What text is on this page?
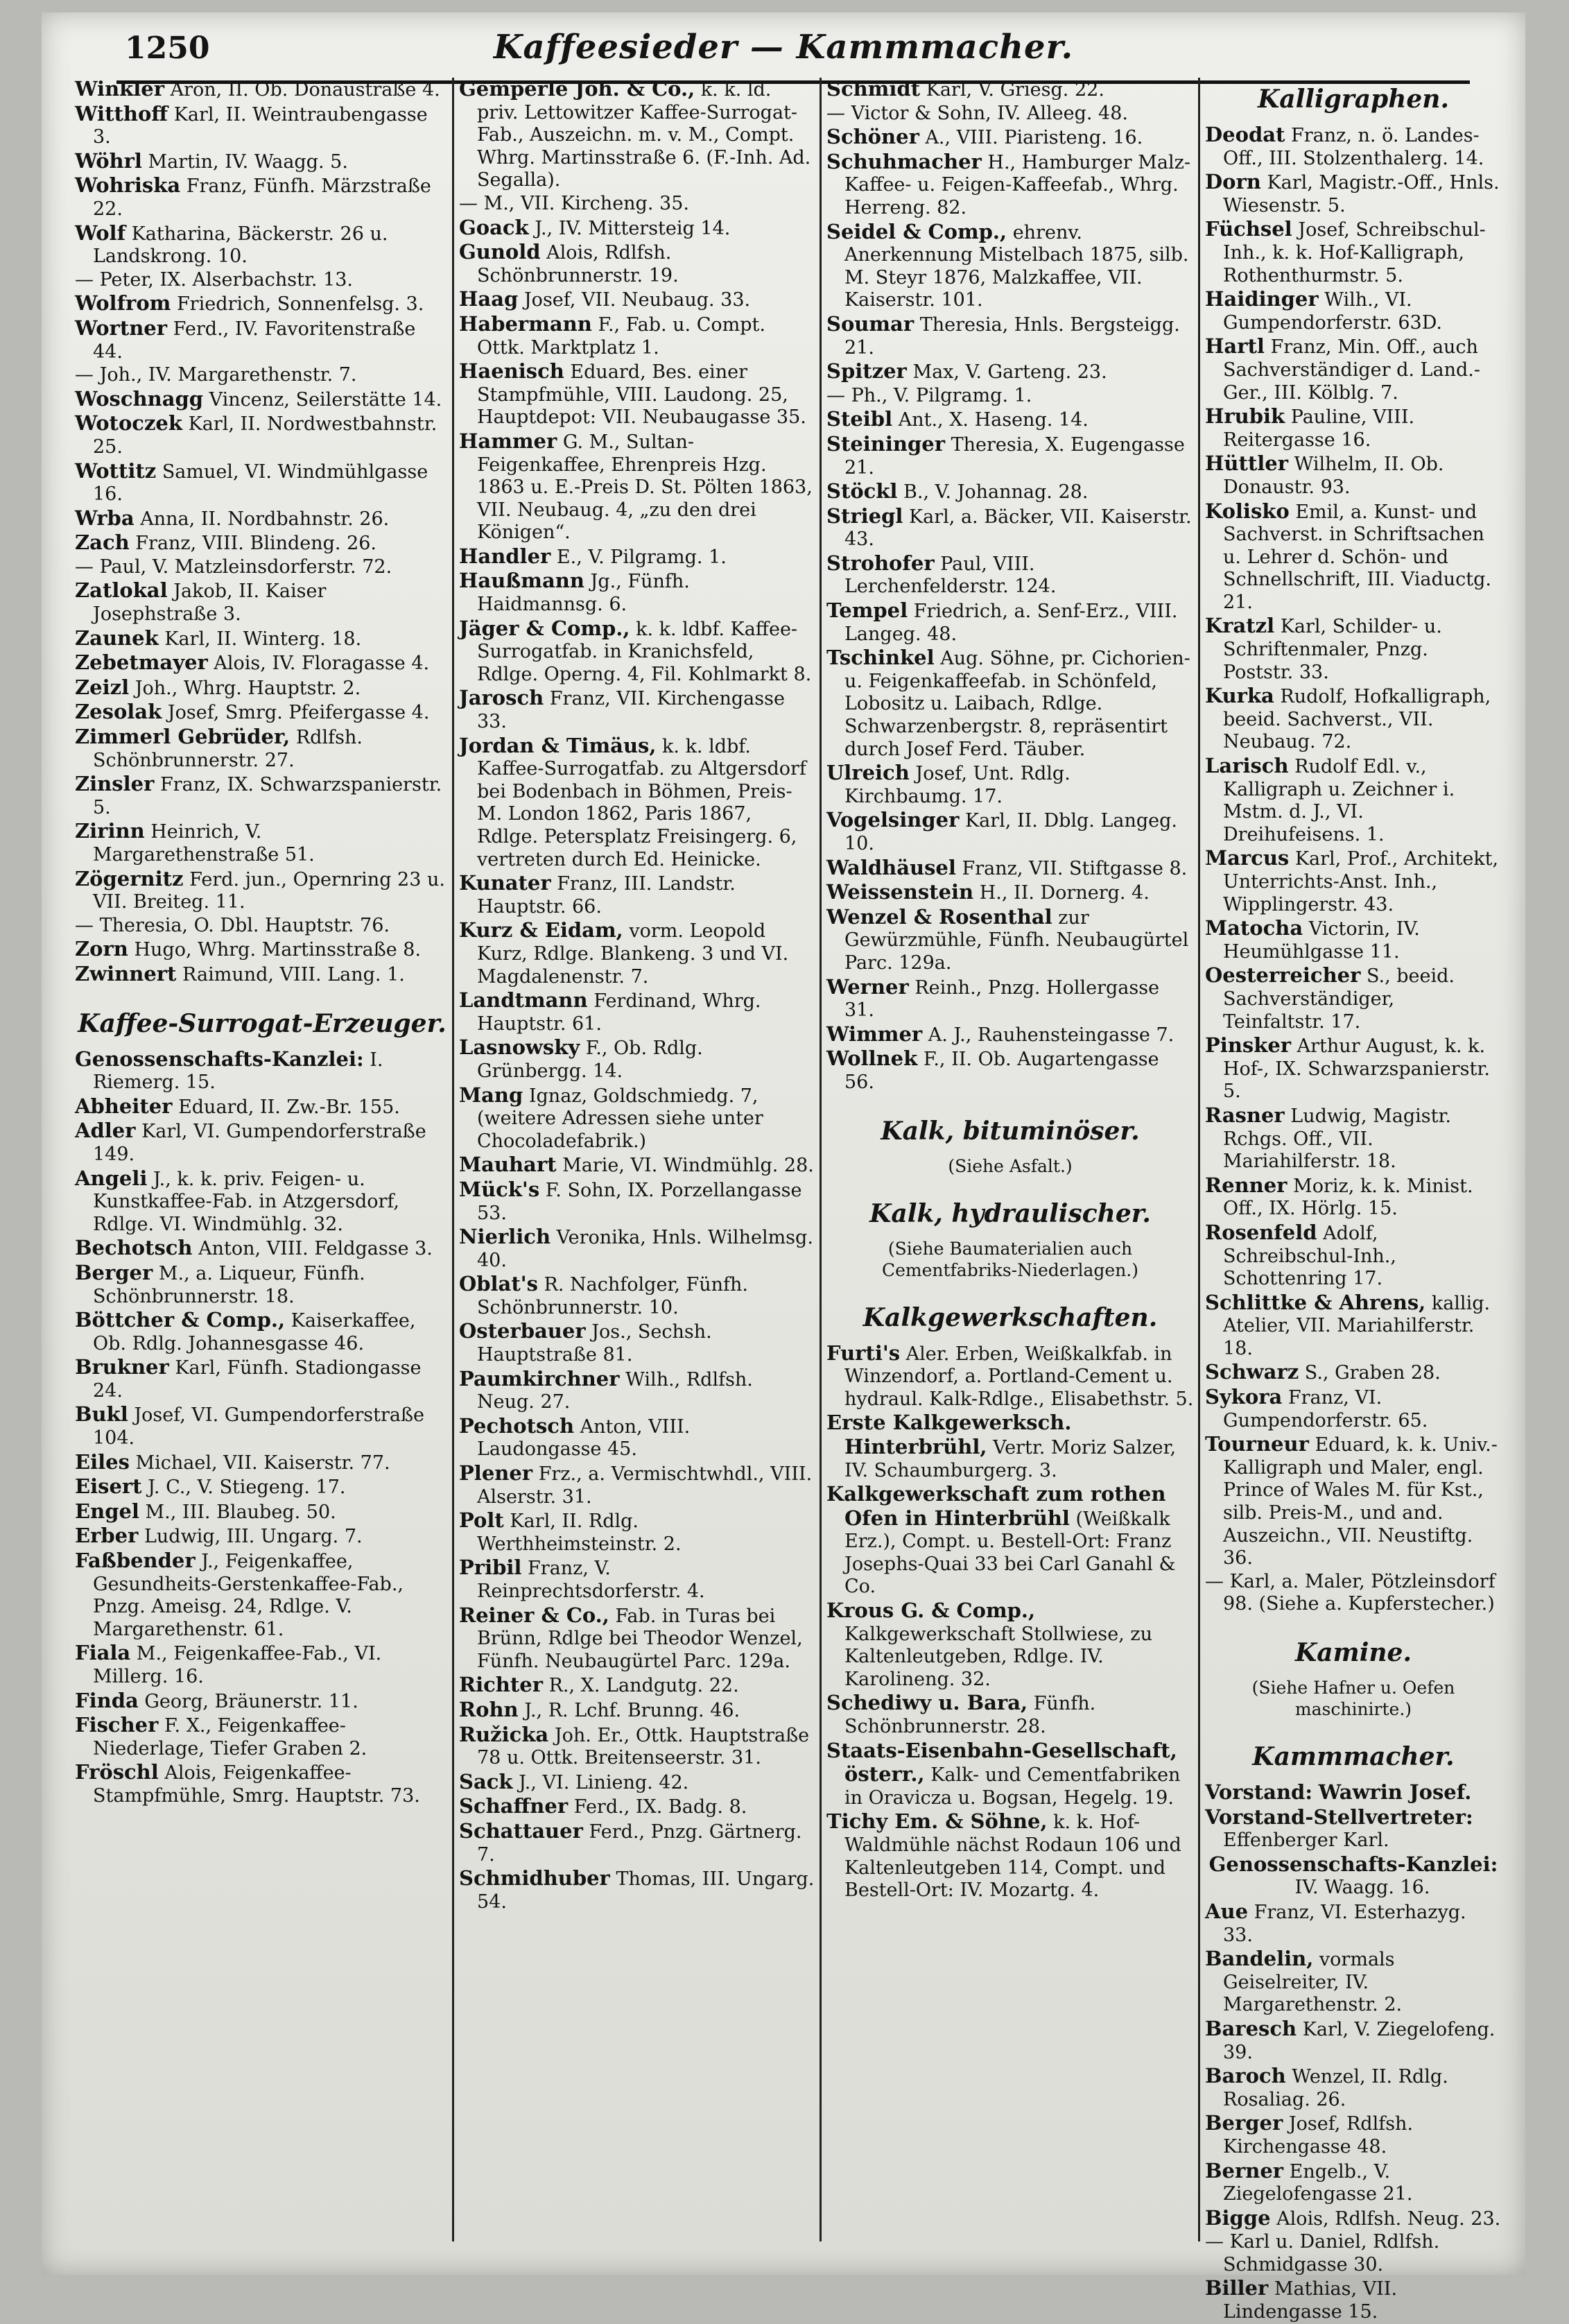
1250	Kaffeesieder — Kammmacher.
Winkler Aron, II. Ob. Donaustraße 4.
Witthoff Karl, II. Weintraubengasse 3.
Wöhrl Martin, IV. Waagg. 5.
Wohriska Franz, Fünfh. Märzstraße 22.
Wolf Katharina, Bäckerstr. 26 u. Landskrong. 10.
— Peter, IX. Alserbachstr. 13.
Wolfrom Friedrich, Sonnenfelsg. 3.
Wortner Ferd., IV. Favoritenstraße 44.
— Joh., IV. Margarethenstr. 7.
Woschnagg Vincenz, Seilerstätte 14.
Wotoczek Karl, II. Nordwestbahnstr. 25.
Wottitz Samuel, VI. Windmühlgasse 16.
Wrba Anna, II. Nordbahnstr. 26.
Zach Franz, VIII. Blindeng. 26.
— Paul, V. Matzleinsdorferstr. 72.
Zatlokal Jakob, II. Kaiser Josephstraße 3.
Zaunek Karl, II. Winterg. 18.
Zebetmayer Alois, IV. Floragasse 4.
Zeizl Joh., Whrg. Hauptstr. 2.
Zesolak Josef, Smrg. Pfeifergasse 4.
Zimmerl Gebrüder, Rdlfsh. Schönbrunnerstr. 27.
Zinsler Franz, IX. Schwarzspanierstr. 5.
Zirinn Heinrich, V. Margarethenstraße 51.
Zögernitz Ferd. jun., Opernring 23 u. VII. Breiteg. 11.
— Theresia, O. Dbl. Hauptstr. 76.
Zorn Hugo, Whrg. Martinsstraße 8.
Zwinnert Raimund, VIII. Lang. 1.
Kaffee-Surrogat-Erzeuger.
Genossenschafts-Kanzlei: I. Riemerg. 15.
Abheiter Eduard, II. Zw.-Br. 155.
Adler Karl, VI. Gumpendorferstraße 149.
Angeli J., k. k. priv. Feigen- u. Kunstkaffee-Fab. in Atzgersdorf, Rdlge. VI. Windmühlg. 32.
Bechotsch Anton, VIII. Feldgasse 3.
Berger M., a. Liqueur, Fünfh. Schönbrunnerstr. 18.
Böttcher & Comp., Kaiserkaffee, Ob. Rdlg. Johannesgasse 46.
Brukner Karl, Fünfh. Stadiongasse 24.
Bukl Josef, VI. Gumpendorferstraße 104.
Eiles Michael, VII. Kaiserstr. 77.
Eisert J. C., V. Stiegeng. 17.
Engel M., III. Blaubeg. 50.
Erber Ludwig, III. Ungarg. 7.
Faßbender J., Feigenkaffee, Gesundheits-Gerstenkaffee-Fab., Pnzg. Ameisg. 24, Rdlge. V. Margarethenstr. 61.
Fiala M., Feigenkaffee-Fab., VI. Millerg. 16.
Finda Georg, Bräunerstr. 11.
Fischer F. X., Feigenkaffee-Niederlage, Tiefer Graben 2.
Fröschl Alois, Feigenkaffee-Stampfmühle, Smrg. Hauptstr. 73.
Gemperle Joh. & Co., k. k. ld. priv. Lettowitzer Kaffee-Surrogat-Fab., Auszeichn. m. v. M., Compt. Whrg. Martinsstraße 6. (F.-Inh. Ad. Segalla).
— M., VII. Kircheng. 35.
Goack J., IV. Mittersteig 14.
Gunold Alois, Rdlfsh. Schönbrunnerstr. 19.
Haag Josef, VII. Neubaug. 33.
Habermann F., Fab. u. Compt. Ottk. Marktplatz 1.
Haenisch Eduard, Bes. einer Stampfmühle, VIII. Laudong. 25, Hauptdepot: VII. Neubaugasse 35.
Hammer G. M., Sultan-Feigenkaffee, Ehrenpreis Hzg. 1863 u. E.-Preis D. St. Pölten 1863, VII. Neubaug. 4, „zu den drei Königen“.
Handler E., V. Pilgramg. 1.
Haußmann Jg., Fünfh. Haidmannsg. 6.
Jäger & Comp., k. k. ldbf. Kaffee-Surrogatfab. in Kranichsfeld, Rdlge. Operng. 4, Fil. Kohlmarkt 8.
Jarosch Franz, VII. Kirchengasse 33.
Jordan & Timäus, k. k. ldbf. Kaffee-Surrogatfab. zu Altgersdorf bei Bodenbach in Böhmen, Preis-M. London 1862, Paris 1867, Rdlge. Petersplatz Freisingerg. 6, vertreten durch Ed. Heinicke.
Kunater Franz, III. Landstr. Hauptstr. 66.
Kurz & Eidam, vorm. Leopold Kurz, Rdlge. Blankeng. 3 und VI. Magdalenenstr. 7.
Landtmann Ferdinand, Whrg. Hauptstr. 61.
Lasnowsky F., Ob. Rdlg. Grünbergg. 14.
Mang Ignaz, Goldschmiedg. 7, (weitere Adressen siehe unter Chocoladefabrik.)
Mauhart Marie, VI. Windmühlg. 28.
Mück's F. Sohn, IX. Porzellangasse 53.
Nierlich Veronika, Hnls. Wilhelmsg. 40.
Oblat's R. Nachfolger, Fünfh. Schönbrunnerstr. 10.
Osterbauer Jos., Sechsh. Hauptstraße 81.
Paumkirchner Wilh., Rdlfsh. Neug. 27.
Pechotsch Anton, VIII. Laudongasse 45.
Plener Frz., a. Vermischtwhdl., VIII. Alserstr. 31.
Polt Karl, II. Rdlg. Werthheimsteinstr. 2.
Pribil Franz, V. Reinprechtsdorferstr. 4.
Reiner & Co., Fab. in Turas bei Brünn, Rdlge bei Theodor Wenzel, Fünfh. Neubaugürtel Parc. 129a.
Richter R., X. Landgutg. 22.
Rohn J., R. Lchf. Brunng. 46.
Ružicka Joh. Er., Ottk. Hauptstraße 78 u. Ottk. Breitenseerstr. 31.
Sack J., VI. Linieng. 42.
Schaffner Ferd., IX. Badg. 8.
Schattauer Ferd., Pnzg. Gärtnerg. 7.
Schmidhuber Thomas, III. Ungarg. 54.
Schmidt Karl, V. Griesg. 22.
— Victor & Sohn, IV. Alleeg. 48.
Schöner A., VIII. Piaristeng. 16.
Schuhmacher H., Hamburger Malz-Kaffee- u. Feigen-Kaffeefab., Whrg. Herreng. 82.
Seidel & Comp., ehrenv. Anerkennung Mistelbach 1875, silb. M. Steyr 1876, Malzkaffee, VII. Kaiserstr. 101.
Soumar Theresia, Hnls. Bergsteigg. 21.
Spitzer Max, V. Garteng. 23.
— Ph., V. Pilgramg. 1.
Steibl Ant., X. Haseng. 14.
Steininger Theresia, X. Eugengasse 21.
Stöckl B., V. Johannag. 28.
Striegl Karl, a. Bäcker, VII. Kaiserstr. 43.
Strohofer Paul, VIII. Lerchenfelderstr. 124.
Tempel Friedrich, a. Senf-Erz., VIII. Langeg. 48.
Tschinkel Aug. Söhne, pr. Cichorien- u. Feigenkaffeefab. in Schönfeld, Lobositz u. Laibach, Rdlge. Schwarzenbergstr. 8, repräsentirt durch Josef Ferd. Täuber.
Ulreich Josef, Unt. Rdlg. Kirchbaumg. 17.
Vogelsinger Karl, II. Dblg. Langeg. 10.
Waldhäusel Franz, VII. Stiftgasse 8.
Weissenstein H., II. Dornerg. 4.
Wenzel & Rosenthal zur Gewürzmühle, Fünfh. Neubaugürtel Parc. 129a.
Werner Reinh., Pnzg. Hollergasse 31.
Wimmer A. J., Rauhensteingasse 7.
Wollnek F., II. Ob. Augartengasse 56.
Kalk, bituminöser.
(Siehe Asfalt.)
Kalk, hydraulischer.
(Siehe Baumaterialien auch Cementfabriks-Niederlagen.)
Kalkgewerkschaften.
Furti's Aler. Erben, Weißkalkfab. in Winzendorf, a. Portland-Cement u. hydraul. Kalk-Rdlge., Elisabethstr. 5.
Erste Kalkgewerksch. Hinterbrühl, Vertr. Moriz Salzer, IV. Schaumburgerg. 3.
Kalkgewerkschaft zum rothen Ofen in Hinterbrühl (Weißkalk Erz.), Compt. u. Bestell-Ort: Franz Josephs-Quai 33 bei Carl Ganahl & Co.
Krous G. & Comp., Kalkgewerkschaft Stollwiese, zu Kaltenleutgeben, Rdlge. IV. Karolineng. 32.
Schediwy u. Bara, Fünfh. Schönbrunnerstr. 28.
Staats-Eisenbahn-Gesellschaft, österr., Kalk- und Cementfabriken in Oravicza u. Bogsan, Hegelg. 19.
Tichy Em. & Söhne, k. k. Hof-Waldmühle nächst Rodaun 106 und Kaltenleutgeben 114, Compt. und Bestell-Ort: IV. Mozartg. 4.
Kalligraphen.
Deodat Franz, n. ö. Landes-Off., III. Stolzenthalerg. 14.
Dorn Karl, Magistr.-Off., Hnls. Wiesenstr. 5.
Füchsel Josef, Schreibschul-Inh., k. k. Hof-Kalligraph, Rothenthurmstr. 5.
Haidinger Wilh., VI. Gumpendorferstr. 63D.
Hartl Franz, Min. Off., auch Sachverständiger d. Land.-Ger., III. Kölblg. 7.
Hrubik Pauline, VIII. Reitergasse 16.
Hüttler Wilhelm, II. Ob. Donaustr. 93.
Kolisko Emil, a. Kunst- und Sachverst. in Schriftsachen u. Lehrer d. Schön- und Schnellschrift, III. Viaductg. 21.
Kratzl Karl, Schilder- u. Schriftenmaler, Pnzg. Poststr. 33.
Kurka Rudolf, Hofkalligraph, beeid. Sachverst., VII. Neubaug. 72.
Larisch Rudolf Edl. v., Kalligraph u. Zeichner i. Mstm. d. J., VI. Dreihufeisens. 1.
Marcus Karl, Prof., Architekt, Unterrichts-Anst. Inh., Wipplingerstr. 43.
Matocha Victorin, IV. Heumühlgasse 11.
Oesterreicher S., beeid. Sachverständiger, Teinfaltstr. 17.
Pinsker Arthur August, k. k. Hof-, IX. Schwarzspanierstr. 5.
Rasner Ludwig, Magistr. Rchgs. Off., VII. Mariahilferstr. 18.
Renner Moriz, k. k. Minist. Off., IX. Hörlg. 15.
Rosenfeld Adolf, Schreibschul-Inh., Schottenring 17.
Schlittke & Ahrens, kallig. Atelier, VII. Mariahilferstr. 18.
Schwarz S., Graben 28.
Sykora Franz, VI. Gumpendorferstr. 65.
Tourneur Eduard, k. k. Univ.-Kalligraph und Maler, engl. Prince of Wales M. für Kst., silb. Preis-M., und and. Auszeichn., VII. Neustiftg. 36.
— Karl, a. Maler, Pötzleinsdorf 98. (Siehe a. Kupferstecher.)
Kamine.
(Siehe Hafner u. Oefen maschinirte.)
Kammmacher.
Vorstand: Wawrin Josef.
Vorstand-Stellvertreter: Effenberger Karl.
Genossenschafts-Kanzlei: IV. Waagg. 16.
Aue Franz, VI. Esterhazyg. 33.
Bandelin, vormals Geiselreiter, IV. Margarethenstr. 2.
Baresch Karl, V. Ziegelofeng. 39.
Baroch Wenzel, II. Rdlg. Rosaliag. 26.
Berger Josef, Rdlfsh. Kirchengasse 48.
Berner Engelb., V. Ziegelofengasse 21.
Bigge Alois, Rdlfsh. Neug. 23.
— Karl u. Daniel, Rdlfsh. Schmidgasse 30.
Biller Mathias, VII. Lindengasse 15.
